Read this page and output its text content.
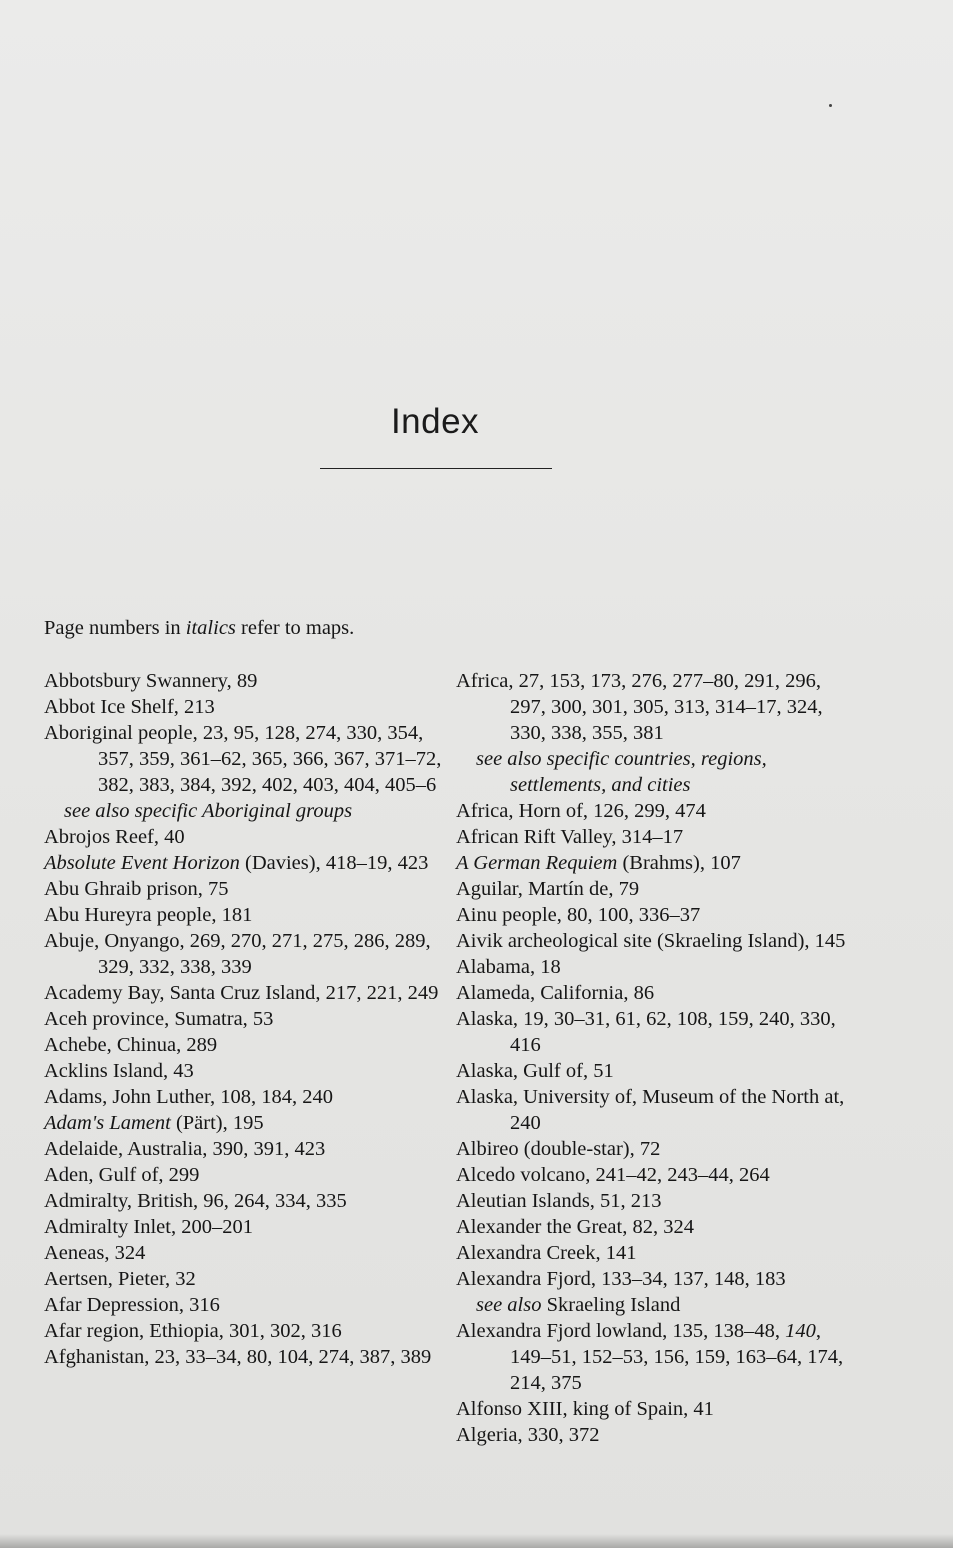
Index

Page numbers in italics refer to maps.

Abbotsbury Swannery, 89
Abbot Ice Shelf, 213
Aboriginal people, 23, 95, 128, 274, 330, 354, 357, 359, 361–62, 365, 366, 367, 371–72, 382, 383, 384, 392, 402, 403, 404, 405–6
see also specific Aboriginal groups
Abrojos Reef, 40
Absolute Event Horizon (Davies), 418–19, 423
Abu Ghraib prison, 75
Abu Hureyra people, 181
Abuje, Onyango, 269, 270, 271, 275, 286, 289, 329, 332, 338, 339
Academy Bay, Santa Cruz Island, 217, 221, 249
Aceh province, Sumatra, 53
Achebe, Chinua, 289
Acklins Island, 43
Adams, John Luther, 108, 184, 240
Adam's Lament (Pärt), 195
Adelaide, Australia, 390, 391, 423
Aden, Gulf of, 299
Admiralty, British, 96, 264, 334, 335
Admiralty Inlet, 200–201
Aeneas, 324
Aertsen, Pieter, 32
Afar Depression, 316
Afar region, Ethiopia, 301, 302, 316
Afghanistan, 23, 33–34, 80, 104, 274, 387, 389
Africa, 27, 153, 173, 276, 277–80, 291, 296, 297, 300, 301, 305, 313, 314–17, 324, 330, 338, 355, 381
see also specific countries, regions, settlements, and cities
Africa, Horn of, 126, 299, 474
African Rift Valley, 314–17
A German Requiem (Brahms), 107
Aguilar, Martín de, 79
Ainu people, 80, 100, 336–37
Aivik archeological site (Skraeling Island), 145
Alabama, 18
Alameda, California, 86
Alaska, 19, 30–31, 61, 62, 108, 159, 240, 330, 416
Alaska, Gulf of, 51
Alaska, University of, Museum of the North at, 240
Albireo (double-star), 72
Alcedo volcano, 241–42, 243–44, 264
Aleutian Islands, 51, 213
Alexander the Great, 82, 324
Alexandra Creek, 141
Alexandra Fjord, 133–34, 137, 148, 183
see also Skraeling Island
Alexandra Fjord lowland, 135, 138–48, 140, 149–51, 152–53, 156, 159, 163–64, 174, 214, 375
Alfonso XIII, king of Spain, 41
Algeria, 330, 372
